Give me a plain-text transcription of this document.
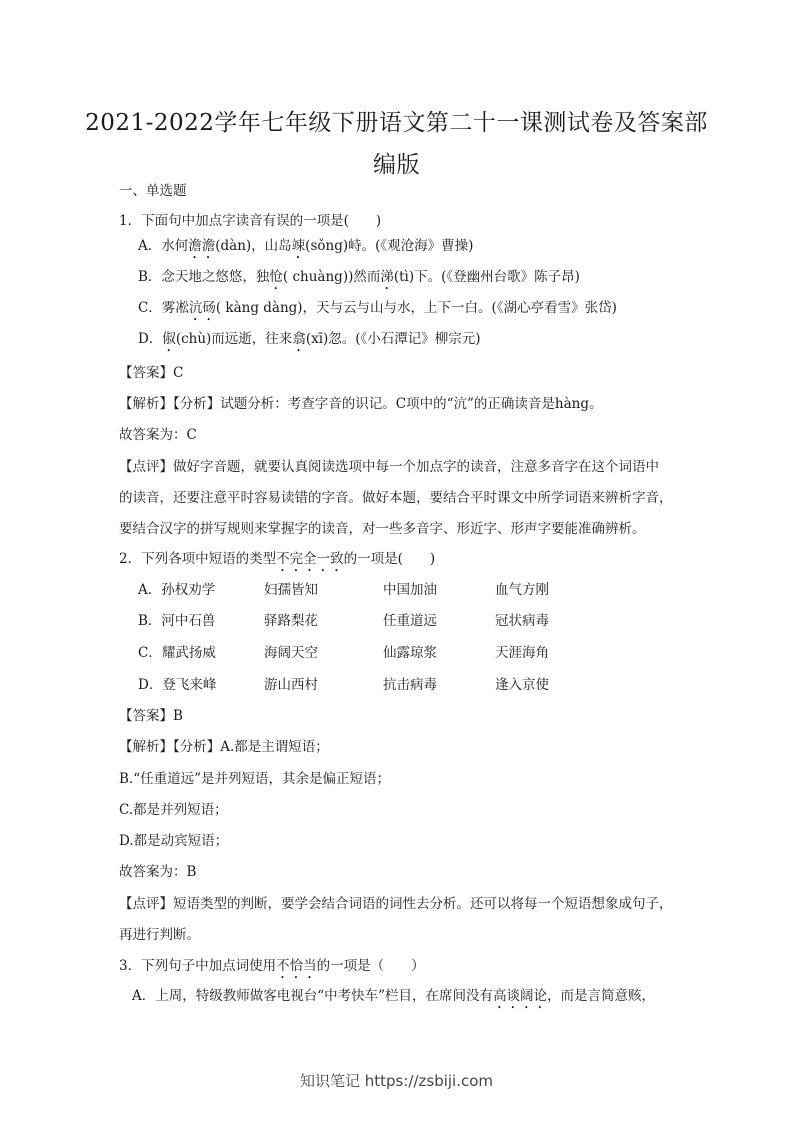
2021-2022学年七年级下册语文第二十一课测试卷及答案部
编版
一、单选题
1．下面句中加点字读音有误的一项是(　　)
A．水何澹澹(dàn)，山岛竦(sǒng)峙。(《观沧海》曹操)
B．念天地之悠悠，独怆( chuàng))然而涕(tì)下。(《登幽州台歌》陈子昂)
C．雾凇沆砀( kàng dàng)，天与云与山与水，上下一白。(《湖心亭看雪》张岱)
D．俶(chù)而远逝，往来翕(xī)忽。(《小石潭记》柳宗元)
【答案】C
【解析】【分析】试题分析：考查字音的识记。C项中的“沆”的正确读音是hàng。
故答案为：C
【点评】做好字音题，就要认真阅读选项中每一个加点字的读音，注意多音字在这个词语中
的读音，还要注意平时容易读错的字音。做好本题，要结合平时课文中所学词语来辨析字音，
要结合汉字的拼写规则来掌握字的读音，对一些多音字、形近字、形声字要能准确辨析。
2．下列各项中短语的类型不完全一致的一项是(　　)
A．孙权劝学	妇孺皆知	中国加油	血气方刚
B．河中石兽	驿路梨花	任重道远	冠状病毒
C．耀武扬威	海阔天空	仙露琼浆	天涯海角
D．登飞来峰	游山西村	抗击病毒	逢入京使
【答案】B
【解析】【分析】A.都是主谓短语；
B.“任重道远”是并列短语，其余是偏正短语；
C.都是并列短语；
D.都是动宾短语；
故答案为：B
【点评】短语类型的判断，要学会结合词语的词性去分析。还可以将每一个短语想象成句子，
再进行判断。
3．下列句子中加点词使用不恰当的一项是（　　）
A．上周，特级教师做客电视台“中考快车”栏目，在席间没有高谈阔论，而是言简意赅，
知识笔记 https://zsbiji.com
